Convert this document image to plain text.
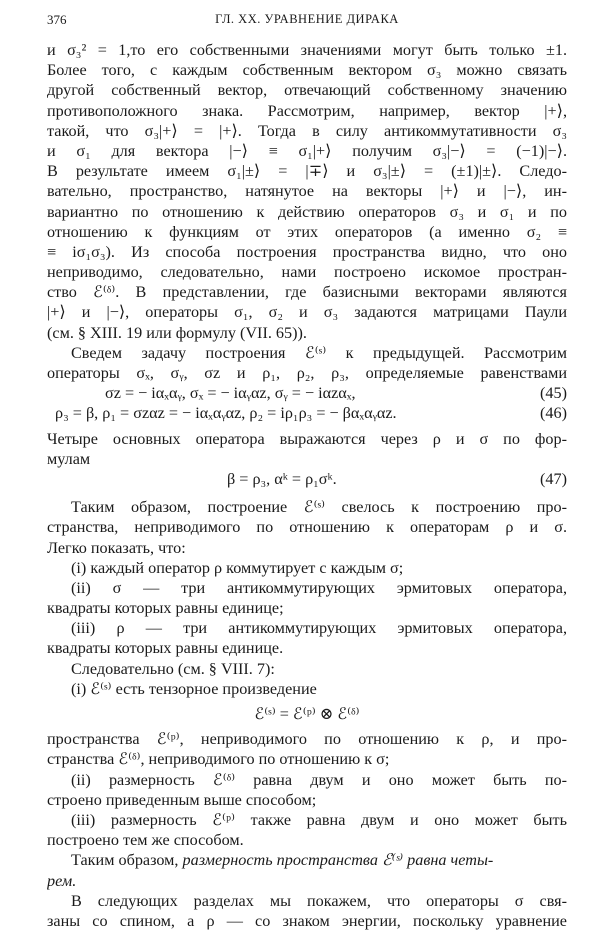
376	ГЛ. XX. УРАВНЕНИЕ ДИРАКА
и σ₃² = 1,то его собственными значениями могут быть только ±1.
Более того, с каждым собственным вектором σ₃ можно связать
другой собственный вектор, отвечающий собственному значению
противоположного знака. Рассмотрим, например, вектор |+⟩,
такой, что σ₃|+⟩ = |+⟩. Тогда в силу антикоммутативности σ₃
и σ₁ для вектора |−⟩ ≡ σ₁|+⟩ получим σ₃|−⟩ = (−1)|−⟩.
В результате имеем σ₁|±⟩ = |∓⟩ и σ₃|±⟩ = (±1)|±⟩. Следо-
вательно, пространство, натянутое на векторы |+⟩ и |−⟩, ин-
вариантно по отношению к действию операторов σ₃ и σ₁ и по
отношению к функциям от этих операторов (а именно σ₂ ≡
≡ iσ₁σ₃). Из способа построения пространства видно, что оно
неприводимо, следовательно, нами построено искомое простран-
ство ℰ⁽ᵟ⁾. В представлении, где базисными векторами являются
|+⟩ и |−⟩, операторы σ₁, σ₂ и σ₃ задаются матрицами Паули
(см. § XIII. 19 или формулу (VII. 65)).
Сведем задачу построения ℰ⁽ˢ⁾ к предыдущей. Рассмотрим
операторы σₓ, σᵧ, σz и ρ₁, ρ₂, ρ₃, определяемые равенствами
σz = − iαₓαᵧ, σₓ = − iαᵧαz, σᵧ = − iαzαₓ,	(45)
ρ₃ = β, ρ₁ = σzαz = − iαₓαᵧαz, ρ₂ = iρ₁ρ₃ = − βαₓαᵧαz.	(46)
Четыре основных оператора выражаются через ρ и σ по фор-
мулам
β = ρ₃, αᵏ = ρ₁σᵏ.	(47)
Таким образом, построение ℰ⁽ˢ⁾ свелось к построению про-
странства, неприводимого по отношению к операторам ρ и σ.
Легко показать, что:
(i) каждый оператор ρ коммутирует с каждым σ;
(ii) σ — три антикоммутирующих эрмитовых оператора,
квадраты которых равны единице;
(iii) ρ — три антикоммутирующих эрмитовых оператора,
квадраты которых равны единице.
Следовательно (см. § VIII. 7):
(i) ℰ⁽ˢ⁾ есть тензорное произведение
ℰ⁽ˢ⁾ = ℰ⁽ᵖ⁾ ⊗ ℰ⁽ᵟ⁾
пространства ℰ⁽ᵖ⁾, неприводимого по отношению к ρ, и про-
странства ℰ⁽ᵟ⁾, неприводимого по отношению к σ;
(ii) размерность ℰ⁽ᵟ⁾ равна двум и оно может быть по-
строено приведенным выше способом;
(iii) размерность ℰ⁽ᵖ⁾ также равна двум и оно может быть
построено тем же способом.
Таким образом, размерность пространства ℰ⁽ˢ⁾ равна четы-
рем.
В следующих разделах мы покажем, что операторы σ свя-
заны со спином, а ρ — со знаком энергии, поскольку уравнение
